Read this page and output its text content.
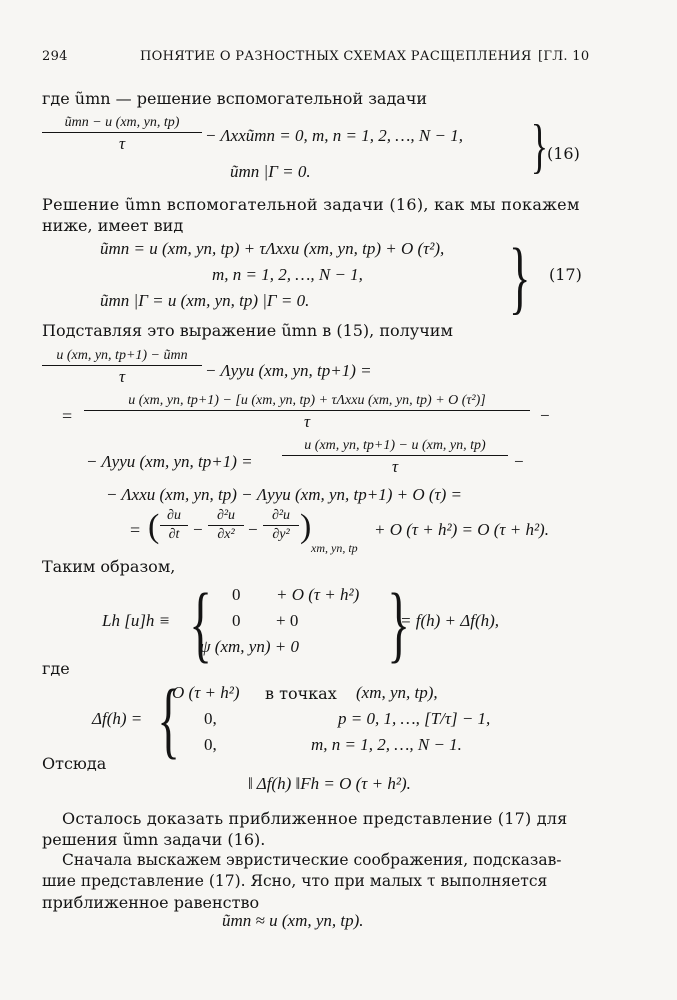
294	ПОНЯТИЕ О РАЗНОСТНЫХ СХЕМАХ РАСЩЕПЛЕНИЯ [ГЛ. 10
где ũmn — решение вспомогательной задачи
ũmn − u (xm, yn, tp)
τ	− Λxxũmn = 0, m, n = 1, 2, …, N − 1,
ũmn |Γ = 0.	}
(16)
Решение ũmn вспомогательной задачи (16), как мы покажем
ниже, имеет вид
ũmn = u (xm, yn, tp) + τΛxxu (xm, yn, tp) + O (τ²),
m, n = 1, 2, …, N − 1,
ũmn |Γ = u (xm, yn, tp) |Γ = 0. } (17)
Подставляя это выражение ũmn в (15), получим
u (xm, yn, tp+1) − ũmn
τ	− Λyyu (xm, yn, tp+1) =
=
u (xm, yn, tp+1) − [u (xm, yn, tp) + τΛxxu (xm, yn, tp) + O (τ²)]
τ	−
− Λyyu (xm, yn, tp+1) =
u (xm, yn, tp+1) − u (xm, yn, tp)
τ	−
− Λxxu (xm, yn, tp) − Λyyu (xm, yn, tp+1) + O (τ) =
= ( ∂u
∂t −
∂²u
∂x² −
∂²u
∂y² )
xm, yn, tp
+ O (τ + h²) = O (τ + h²).
Таким образом,
Lh [u]h ≡ { 0 + O (τ + h²)
0 + 0
ψ (xm, yn) + 0 }
= f(h) + Δf(h),
где
Δf(h) = {
O (τ + h²) в точках (xm, yn, tp),
0,	p = 0, 1, …, [T/τ] − 1,
0,	m, n = 1, 2, …, N − 1.
Отсюда
‖ Δf(h) ‖Fh = O (τ + h²).
Осталось доказать приближенное представление (17) для
решения ũmn задачи (16).
Сначала выскажем эвристические соображения, подсказав-
шие представление (17). Ясно, что при малых τ выполняется
приближенное равенство
ũmn ≈ u (xm, yn, tp).
